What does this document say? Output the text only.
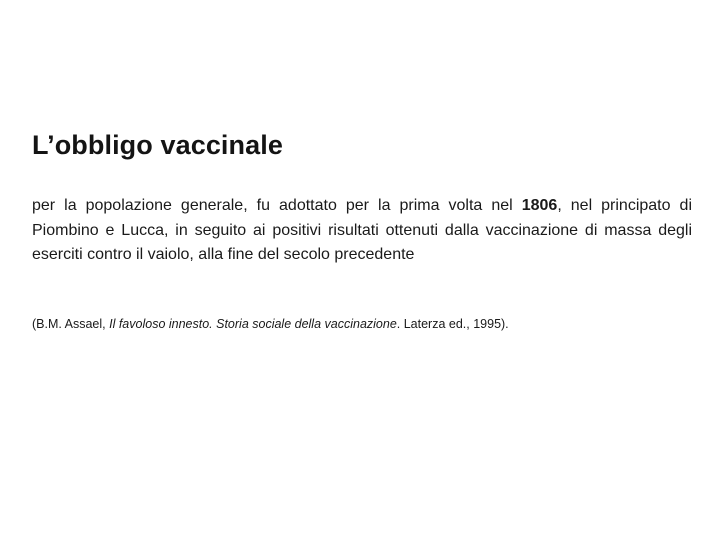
L’obbligo vaccinale

per la popolazione generale, fu adottato per la prima volta nel 1806, nel principato di Piombino e Lucca, in seguito ai positivi risultati ottenuti dalla vaccinazione di massa degli eserciti contro il vaiolo, alla fine del secolo precedente

(B.M. Assael, Il favoloso innesto. Storia sociale della vaccinazione. Laterza ed., 1995).
